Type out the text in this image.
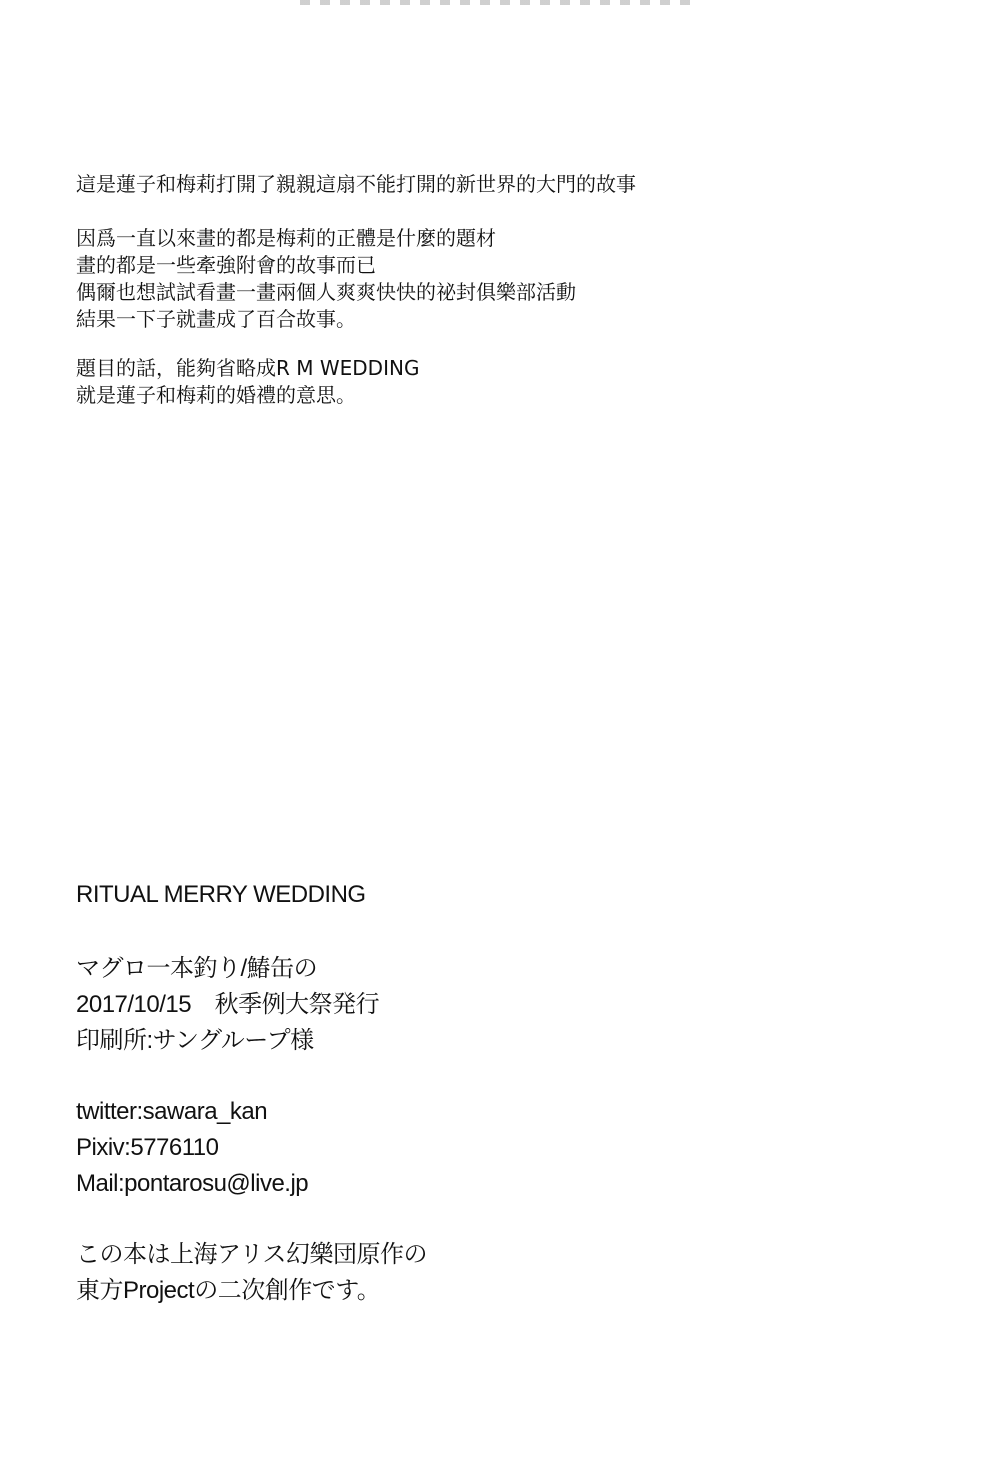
這是蓮子和梅莉打開了親親這扇不能打開的新世界的大門的故事
因爲一直以來畫的都是梅莉的正體是什麼的題材
畫的都是一些牽強附會的故事而已
偶爾也想試試看畫一畫兩個人爽爽快快的祕封俱樂部活動
結果一下子就畫成了百合故事。
題目的話，能夠省略成R M WEDDING
就是蓮子和梅莉的婚禮的意思。
RITUAL MERRY WEDDING
マグロ一本釣り/鰆缶の
2017/10/15　秋季例大祭発行
印刷所:サングループ様
twitter:sawara_kan
Pixiv:5776110
Mail:pontarosu@live.jp
この本は上海アリス幻樂団原作の
東方Projectの二次創作です。
